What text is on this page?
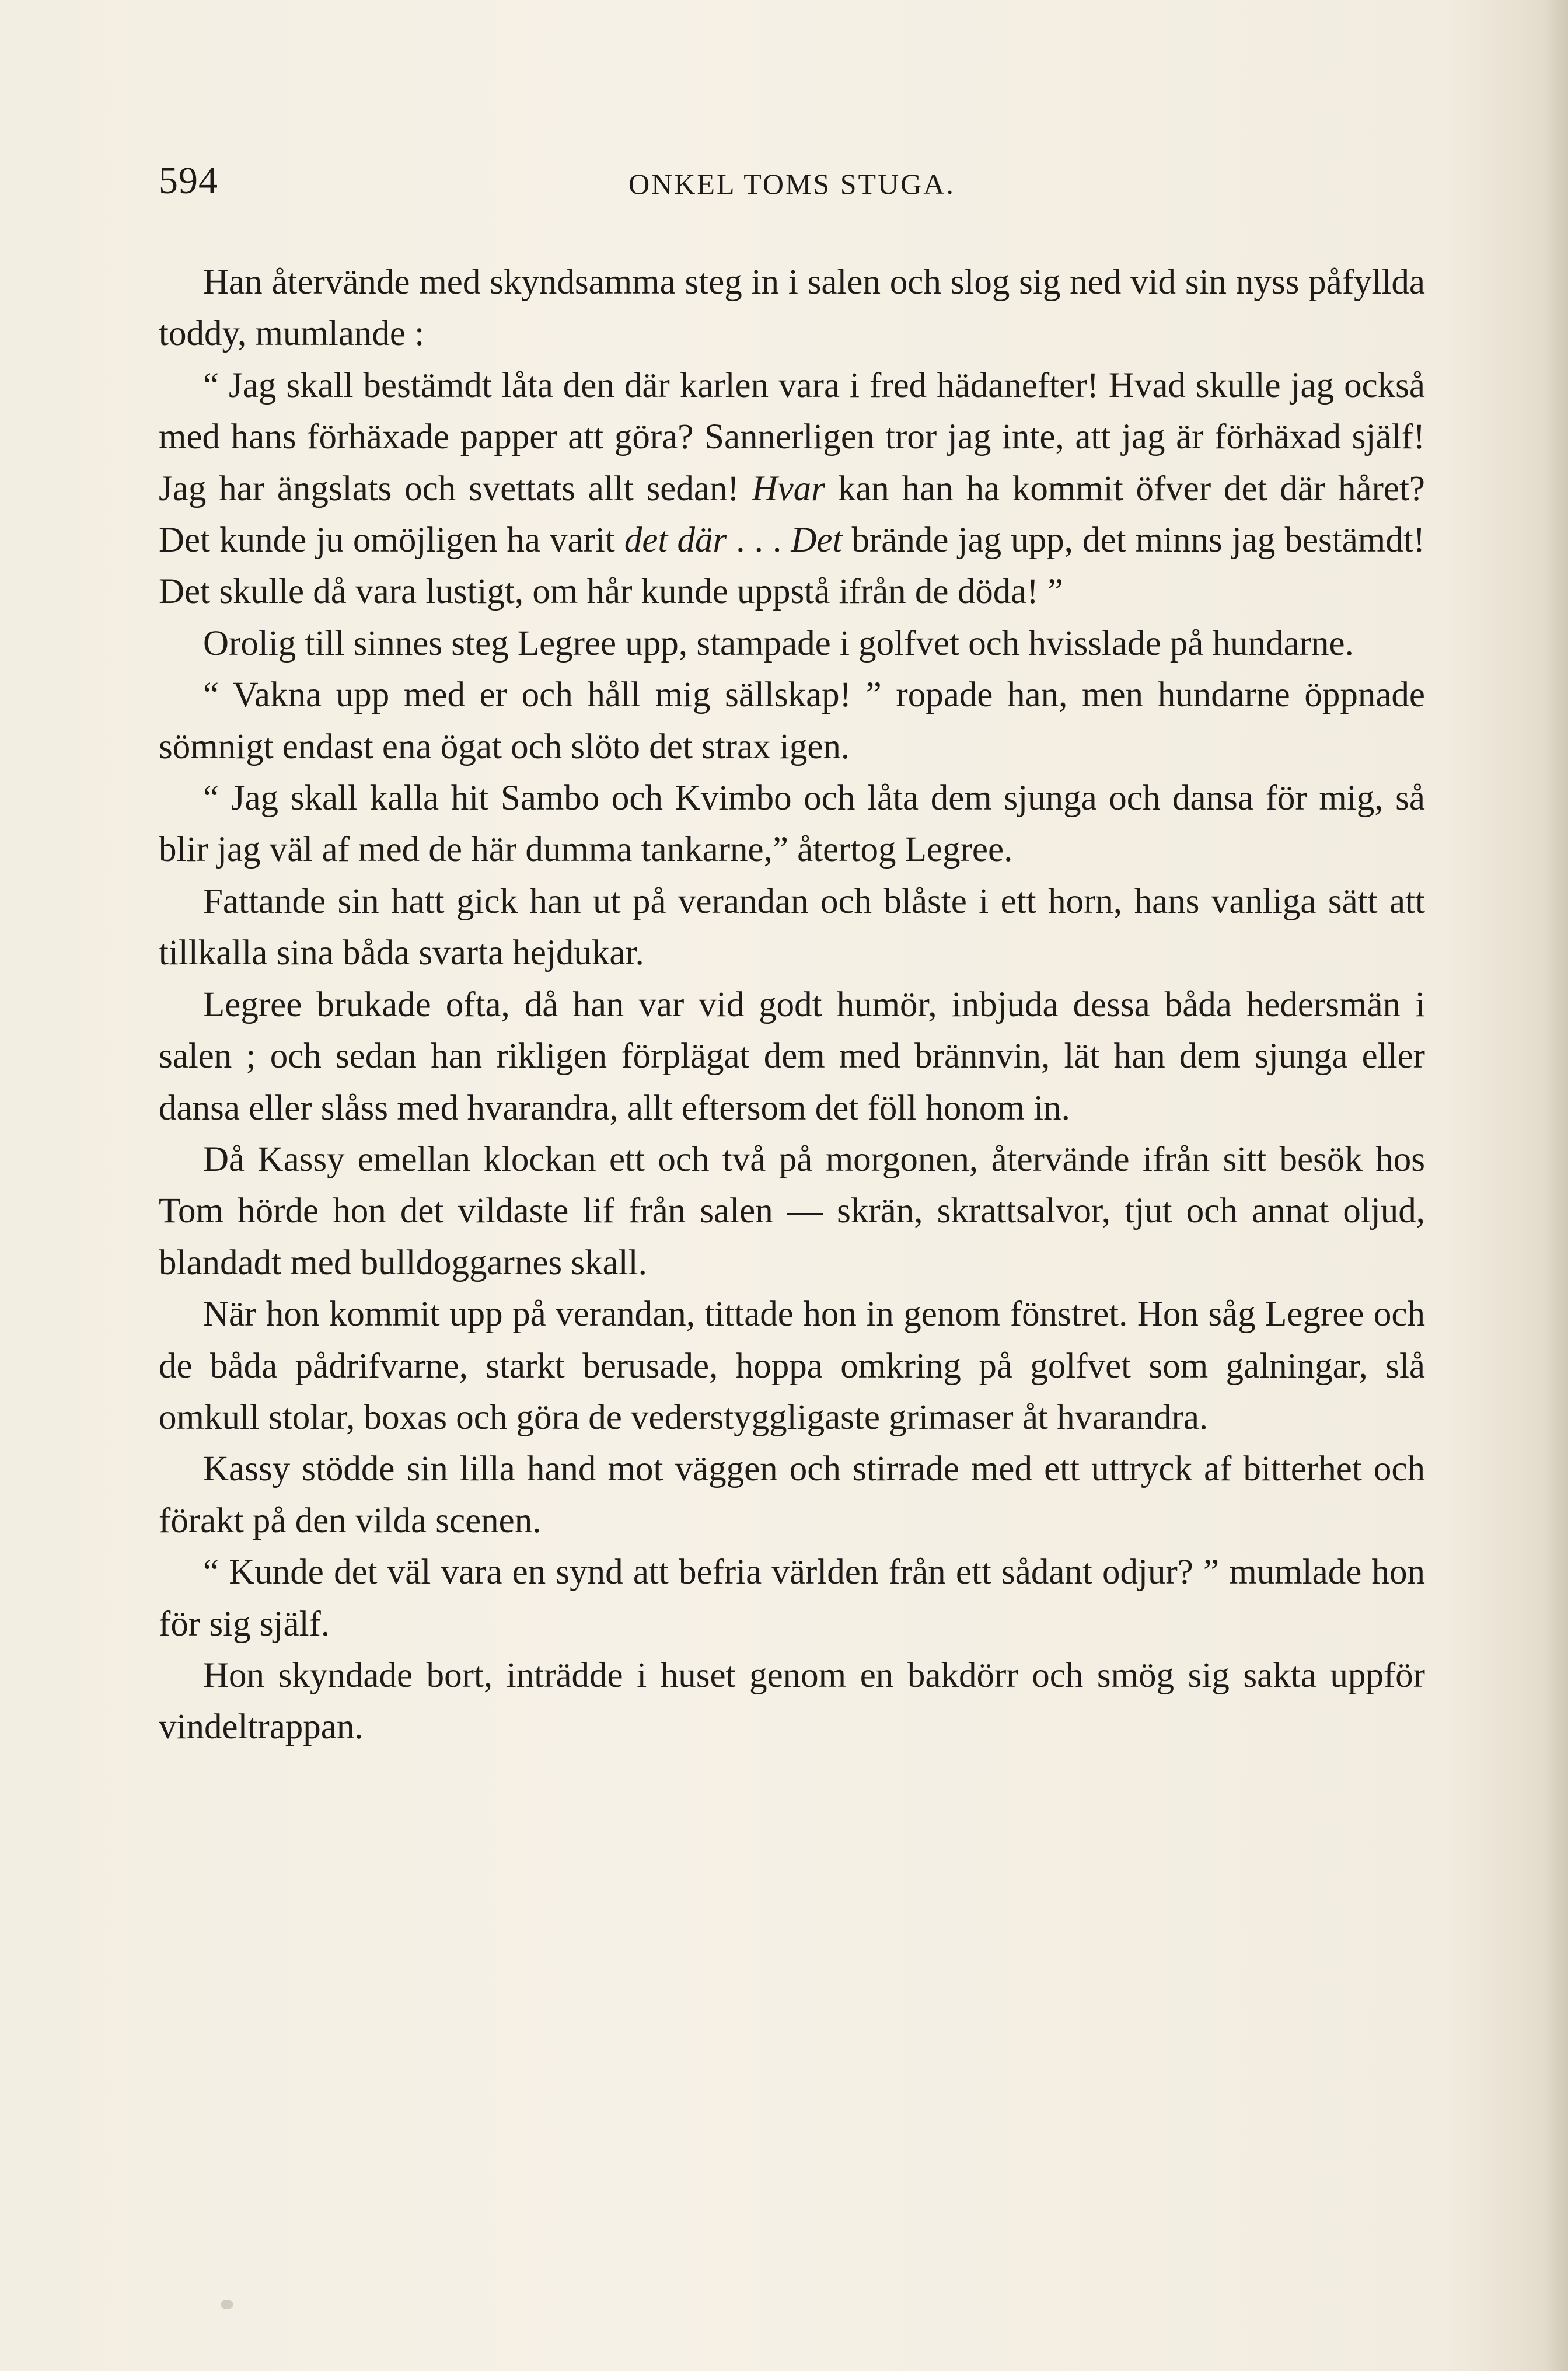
594	ONKEL TOMS STUGA.

Han återvände med skyndsamma steg in i salen och slog sig ned vid sin nyss påfyllda toddy, mumlande :

“ Jag skall bestämdt låta den där karlen vara i fred hädanefter! Hvad skulle jag också med hans förhäxade papper att göra? Sannerligen tror jag inte, att jag är förhäxad själf! Jag har ängslats och svettats allt sedan! Hvar kan han ha kommit öfver det där håret? Det kunde ju omöjligen ha varit det där . . . Det brände jag upp, det minns jag bestämdt! Det skulle då vara lustigt, om hår kunde uppstå ifrån de döda! ”

Orolig till sinnes steg Legree upp, stampade i golfvet och hvisslade på hundarne.

“ Vakna upp med er och håll mig sällskap! ” ropade han, men hundarne öppnade sömnigt endast ena ögat och slöto det strax igen.

“ Jag skall kalla hit Sambo och Kvimbo och låta dem sjunga och dansa för mig, så blir jag väl af med de här dumma tankarne,” återtog Legree.

Fattande sin hatt gick han ut på verandan och blåste i ett horn, hans vanliga sätt att tillkalla sina båda svarta hejdukar.

Legree brukade ofta, då han var vid godt humör, inbjuda dessa båda hedersmän i salen ; och sedan han rikligen förplägat dem med brännvin, lät han dem sjunga eller dansa eller slåss med hvarandra, allt eftersom det föll honom in.

Då Kassy emellan klockan ett och två på morgonen, återvände ifrån sitt besök hos Tom hörde hon det vildaste lif från salen — skrän, skrattsalvor, tjut och annat oljud, blandadt med bulldoggarnes skall.

När hon kommit upp på verandan, tittade hon in genom fönstret. Hon såg Legree och de båda pådrifvarne, starkt berusade, hoppa omkring på golfvet som galningar, slå omkull stolar, boxas och göra de vederstyggligaste grimaser åt hvarandra.

Kassy stödde sin lilla hand mot väggen och stirrade med ett uttryck af bitterhet och förakt på den vilda scenen.

“ Kunde det väl vara en synd att befria världen från ett sådant odjur? ” mumlade hon för sig själf.

Hon skyndade bort, inträdde i huset genom en bakdörr och smög sig sakta uppför vindeltrappan.
